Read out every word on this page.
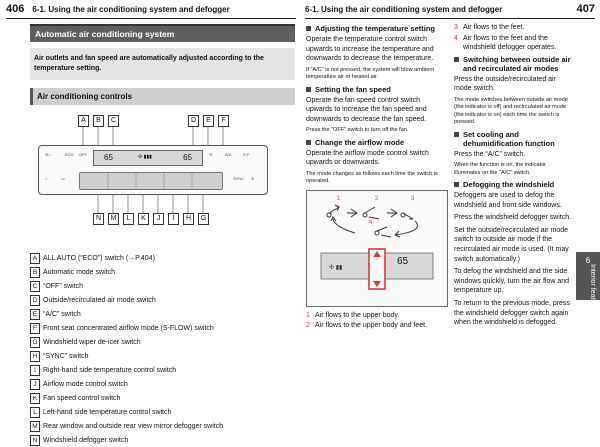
406 6-1. Using the air conditioning system and defogger	6-1. Using the air conditioning system and defogger	407
Automatic air conditioning system
Air outlets and fan speed are automatically adjusted according to the temperature setting.
Air conditioning controls
A	B	C	D	E	F
65	✣ ▮▮▮	65
≋⌂	ECO OFF	⟲	A/C	S·F
⌂	▭	SYNC ⋔
N	M	L	K	J	I	H	G
A ALL AUTO (“ECO”) switch (→P.404)
B Automatic mode switch
C “OFF” switch
D Outside/recirculated air mode switch
E “A/C” switch
F Front seat concentrated airflow mode (S-FLOW) switch
G Windshield wiper de-icer switch
H “SYNC” switch
I	Right-hand side temperature control switch
J Airflow mode control switch
K Fan speed control switch
L Left-hand side temperature control switch
M Rear window and outside rear view mirror defogger switch
N Windshield defogger switch
Adjusting the temperature setting

Operate the temperature control switch upwards to increase the temperature and downwards to decrease the temperature.

If “A/C” is not pressed, the system will blow ambient temperature air or heated air.

Setting the fan speed

Operate the fan speed control switch upwards to increase the fan speed and downwards to decrease the fan speed.

Press the “OFF” switch to turn off the fan.

Change the airflow mode

Operate the airflow mode control switch upwards or downwards.

The mode changes as follows each time the switch is operated.

1	2	3
4
✣ ▮▮
65
1 Air flows to the upper body.
2 Air flows to the upper body and feet.
3 Air flows to the feet.
4 Air flows to the feet and the windshield defogger operates.
Switching between outside air and recirculated air modes

Press the outside/recirculated air mode switch.

The mode switches between outside air mode (the indicator is off) and recirculated air mode (the indicator is on) each time the switch is pressed.

Set cooling and dehumidification function

Press the “A/C” switch.

When the function is on, the indicator illuminates on the “A/C” switch.

Defogging the windshield

Defoggers are used to defog the windshield and front side windows.

Press the windshield defogger switch.

Set the outside/recirculated air mode switch to outside air mode if the recirculated air mode is used. (It may switch automatically.)

To defog the windshield and the side windows quickly, turn the air flow and temperature up.

To return to the previous mode, press the windshield defogger switch again when the windshield is defogged.

6
Interior features
